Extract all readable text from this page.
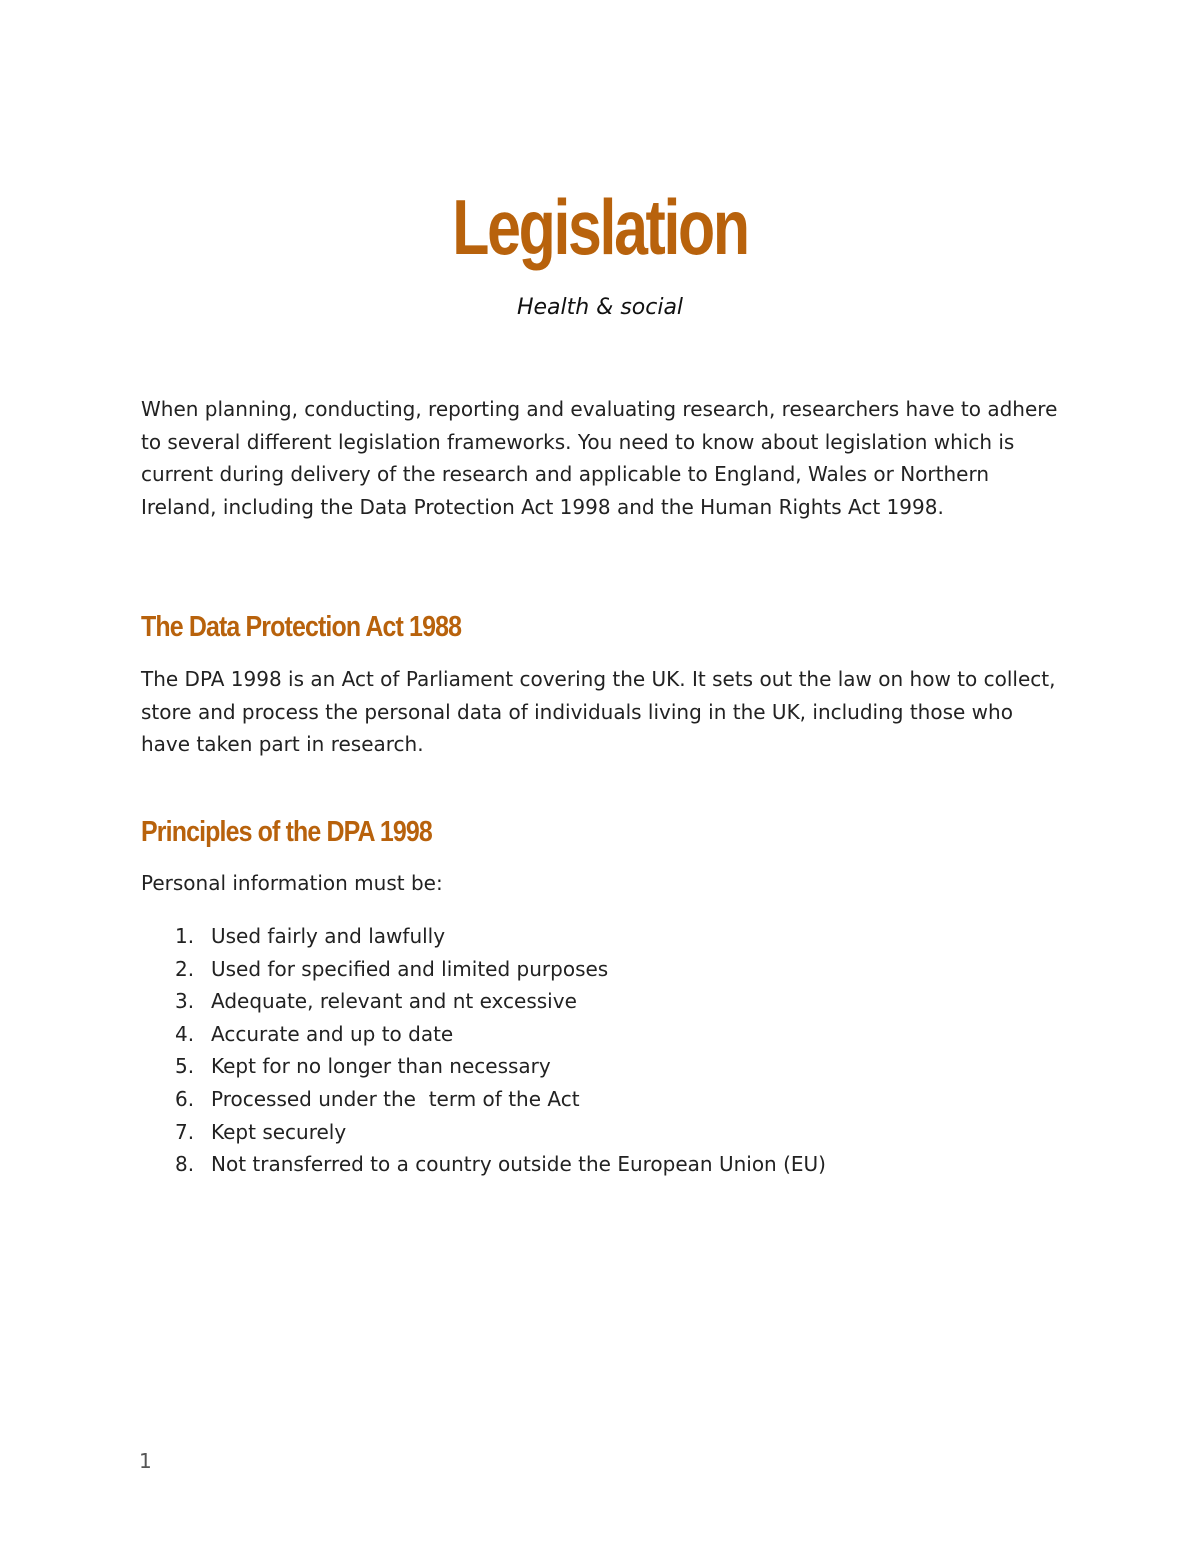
Legislation

Health & social

When planning, conducting, reporting and evaluating research, researchers have to adhere to several different legislation frameworks. You need to know about legislation which is current during delivery of the research and applicable to England, Wales or Northern Ireland, including the Data Protection Act 1998 and the Human Rights Act 1998.

The Data Protection Act 1988

The DPA 1998 is an Act of Parliament covering the UK. It sets out the law on how to collect, store and process the personal data of individuals living in the UK, including those who have taken part in research.

Principles of the DPA 1998

Personal information must be:

1.

Used fairly and lawfully

2.

Used for specified and limited purposes

3.

Adequate, relevant and nt excessive

4.

Accurate and up to date

5.

Kept for no longer than necessary

6.

Processed under the  term of the Act

7.

Kept securely

8.

Not transferred to a country outside the European Union (EU)

1
